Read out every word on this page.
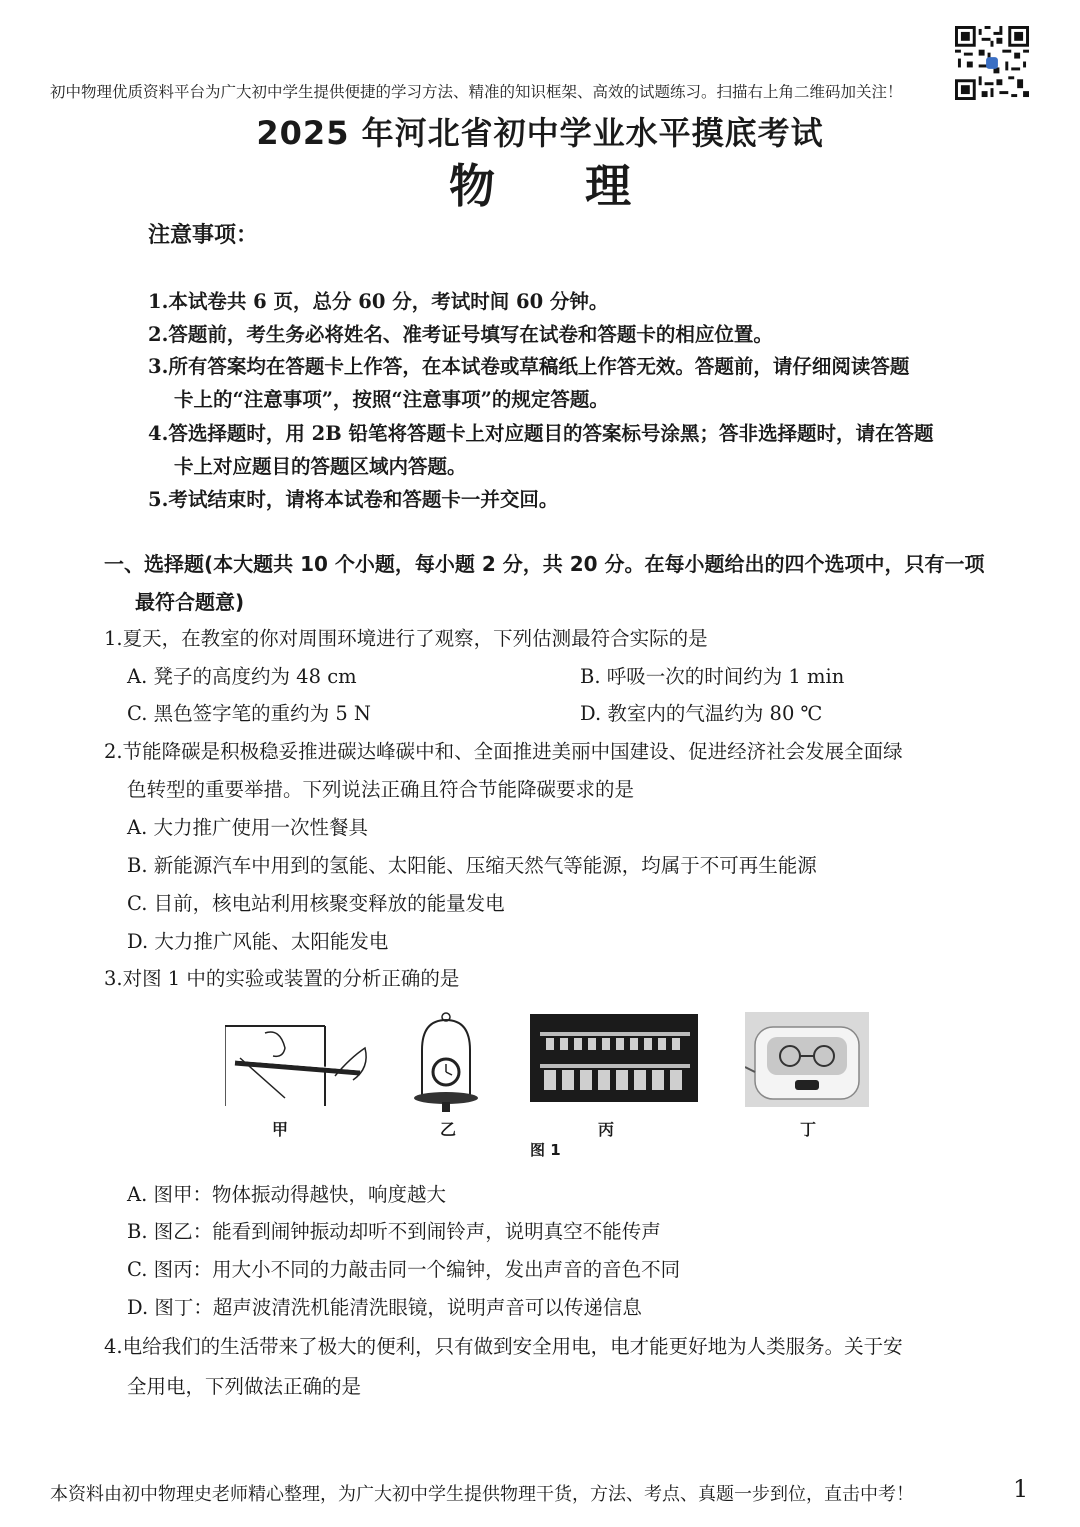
初中物理优质资料平台为广大初中学生提供便捷的学习方法、精准的知识框架、高效的试题练习。扫描右上角二维码加关注！
2025 年河北省初中学业水平摸底考试
物理
注意事项：
1.本试卷共 6 页，总分 60 分，考试时间 60 分钟。
2.答题前，考生务必将姓名、准考证号填写在试卷和答题卡的相应位置。
3.所有答案均在答题卡上作答，在本试卷或草稿纸上作答无效。答题前，请仔细阅读答题
卡上的“注意事项”，按照“注意事项”的规定答题。
4.答选择题时，用 2B 铅笔将答题卡上对应题目的答案标号涂黑；答非选择题时，请在答题
卡上对应题目的答题区域内答题。
5.考试结束时，请将本试卷和答题卡一并交回。
一、选择题(本大题共 10 个小题，每小题 2 分，共 20 分。在每小题给出的四个选项中，只有一项
最符合题意)
1.夏天，在教室的你对周围环境进行了观察，下列估测最符合实际的是
A. 凳子的高度约为 48 cm	B. 呼吸一次的时间约为 1 min
C. 黑色签字笔的重约为 5 N	D. 教室内的气温约为 80 ℃
2.节能降碳是积极稳妥推进碳达峰碳中和、全面推进美丽中国建设、促进经济社会发展全面绿
色转型的重要举措。下列说法正确且符合节能降碳要求的是
A. 大力推广使用一次性餐具
B. 新能源汽车中用到的氢能、太阳能、压缩天然气等能源，均属于不可再生能源
C. 目前，核电站利用核聚变释放的能量发电
D. 大力推广风能、太阳能发电
3.对图 1 中的实验或装置的分析正确的是
甲	乙	丙	丁
图 1
A. 图甲：物体振动得越快，响度越大
B. 图乙：能看到闹钟振动却听不到闹铃声，说明真空不能传声
C. 图丙：用大小不同的力敲击同一个编钟，发出声音的音色不同
D. 图丁：超声波清洗机能清洗眼镜，说明声音可以传递信息
4.电给我们的生活带来了极大的便利，只有做到安全用电，电才能更好地为人类服务。关于安
全用电，下列做法正确的是
本资料由初中物理史老师精心整理，为广大初中学生提供物理干货，方法、考点、真题一步到位，直击中考！	1
